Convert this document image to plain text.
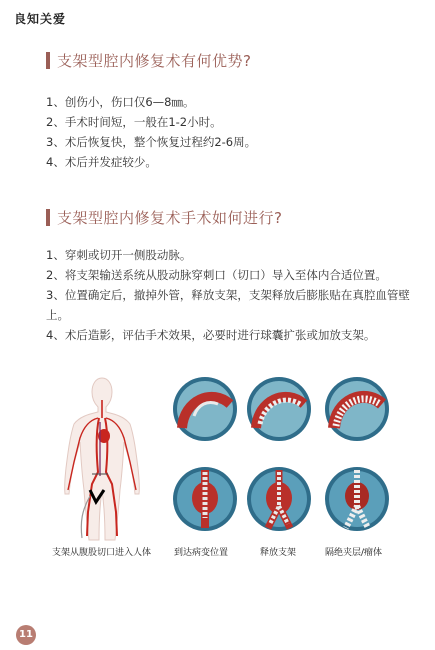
良知关爱
支架型腔内修复术有何优势?
1、创伤小，伤口仅6—8㎜。
2、手术时间短，一般在1-2小时。
3、术后恢复快，整个恢复过程约2-6周。
4、术后并发症较少。
支架型腔内修复术手术如何进行?
1、穿刺或切开一侧股动脉。
2、将支架输送系统从股动脉穿刺口（切口）导入至体内合适位置。
3、位置确定后，撤掉外管，释放支架，支架释放后膨胀贴在真腔血管壁上。
4、术后造影，评估手术效果，必要时进行球囊扩张或加放支架。
支架从腹股切口进入人体	到达病变位置	释放支架	隔绝夹层/瘤体
11
